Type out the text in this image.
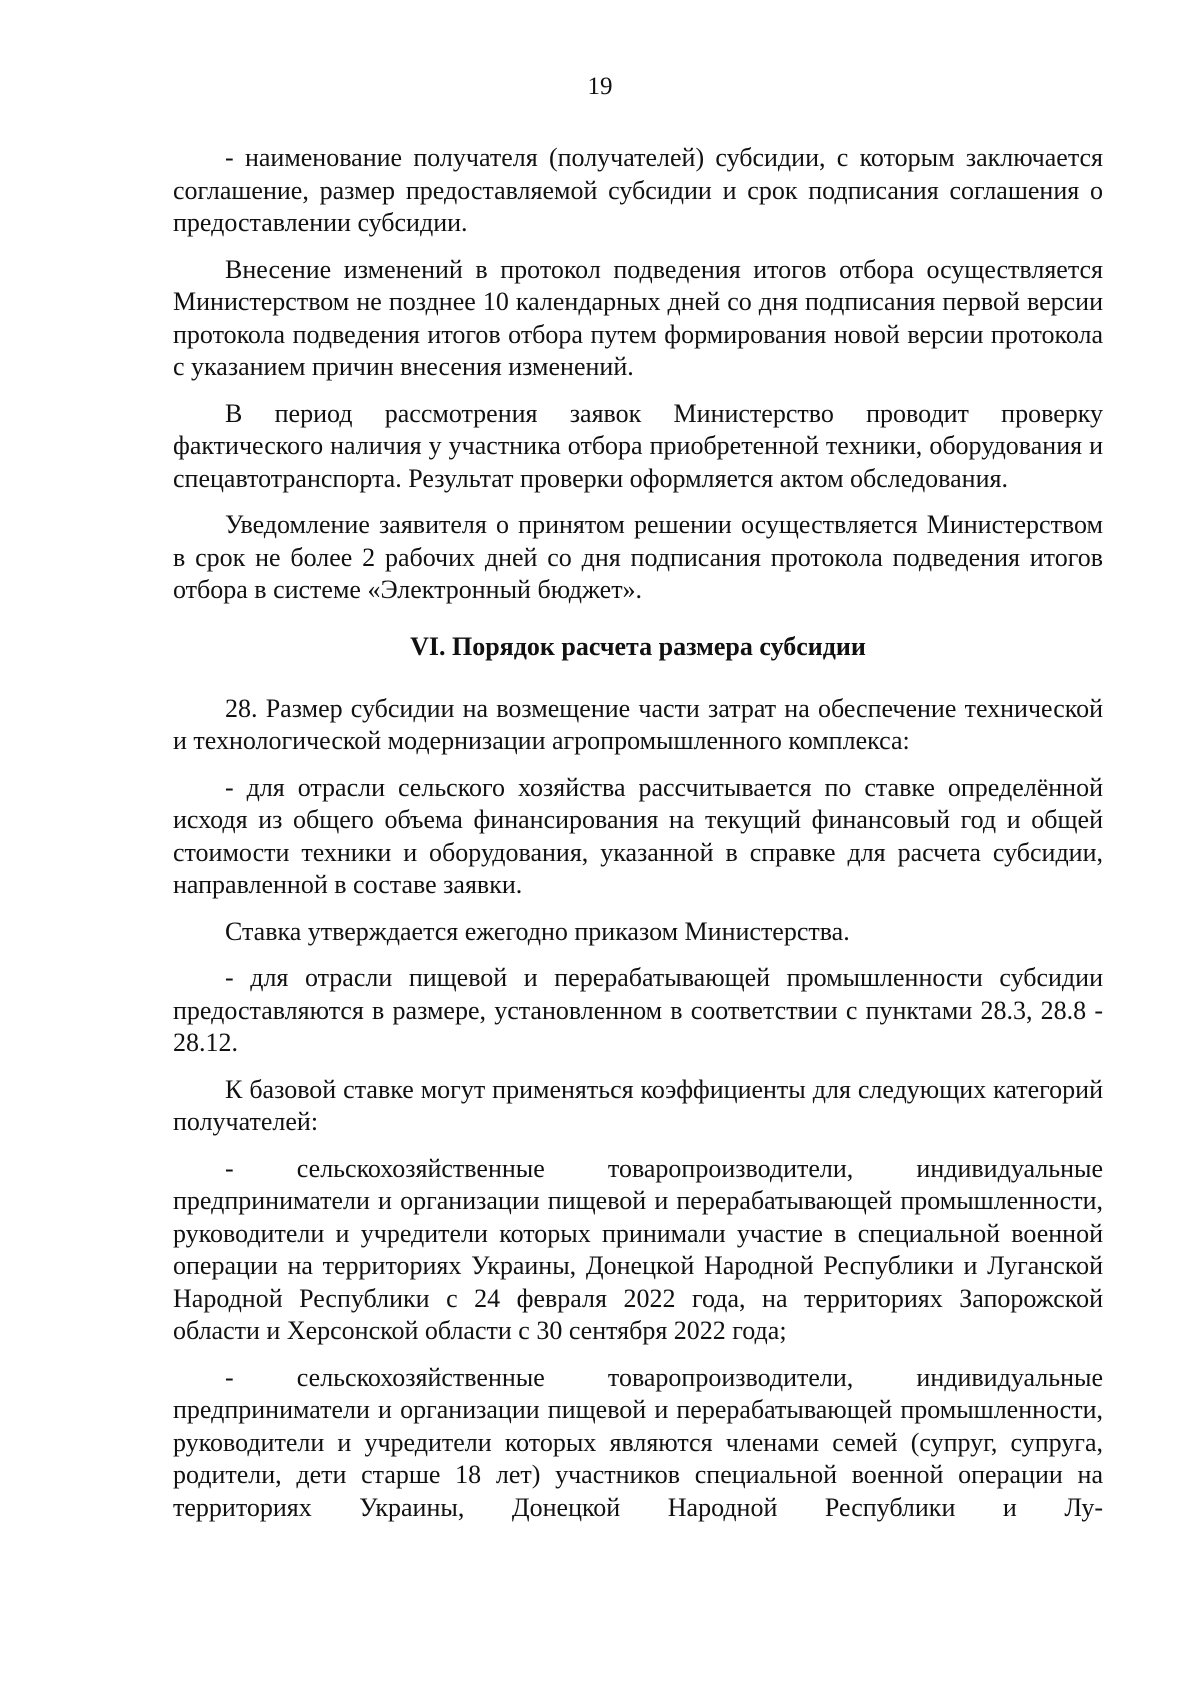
19

- наименование получателя (получателей) субсидии, с которым заключается соглашение, размер предоставляемой субсидии и срок подписания соглашения о предоставлении субсидии.

Внесение изменений в протокол подведения итогов отбора осуществляется Министерством не позднее 10 календарных дней со дня подписания первой версии протокола подведения итогов отбора путем формирования новой версии протокола с указанием причин внесения изменений.

В период рассмотрения заявок Министерство проводит проверку фактического наличия у участника отбора приобретенной техники, оборудования и спецавтотранспорта. Результат проверки оформляется актом обследования.

Уведомление заявителя о принятом решении осуществляется Министерством в срок не более 2 рабочих дней со дня подписания протокола подведения итогов отбора в системе «Электронный бюджет».

VI. Порядок расчета размера субсидии

28. Размер субсидии на возмещение части затрат на обеспечение технической и технологической модернизации агропромышленного комплекса:

- для отрасли сельского хозяйства рассчитывается по ставке определённой исходя из общего объема финансирования на текущий финансовый год и общей стоимости техники и оборудования, указанной в справке для расчета субсидии, направленной в составе заявки.

Ставка утверждается ежегодно приказом Министерства.

- для отрасли пищевой и перерабатывающей промышленности субсидии предоставляются в размере, установленном в соответствии с пунктами 28.3, 28.8 - 28.12.

К базовой ставке могут применяться коэффициенты для следующих категорий получателей:

- сельскохозяйственные товаропроизводители, индивидуальные предприниматели и организации пищевой и перерабатывающей промышленности, руководители и учредители которых принимали участие в специальной военной операции на территориях Украины, Донецкой Народной Республики и Луганской Народной Республики с 24 февраля 2022 года, на территориях Запорожской области и Херсонской области с 30 сентября 2022 года;

- сельскохозяйственные товаропроизводители, индивидуальные предприниматели и организации пищевой и перерабатывающей промышленности, руководители и учредители которых являются членами семей (супруг, супруга, родители, дети старше 18 лет) участников специальной военной операции на территориях Украины, Донецкой Народной Республики и Лу-
